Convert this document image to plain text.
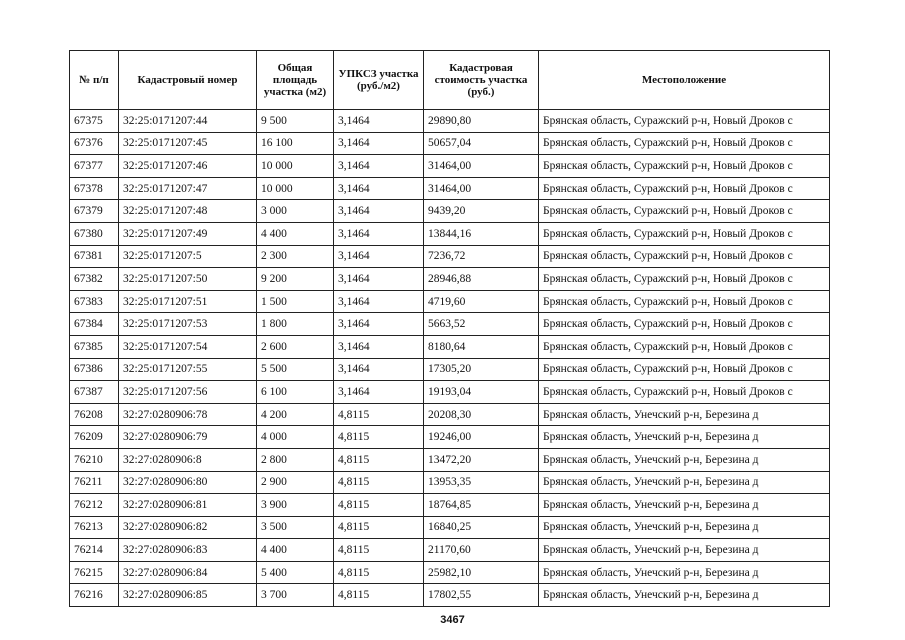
№ п/п	Кадастровый номер	Общая площадь участка (м2)	УПКСЗ участка (руб./м2)	Кадастровая стоимость участка (руб.)	Местоположение
67375	32:25:0171207:44	9 500	3,1464	29890,80	Брянская область, Суражский р-н, Новый Дроков с
67376	32:25:0171207:45	16 100	3,1464	50657,04	Брянская область, Суражский р-н, Новый Дроков с
67377	32:25:0171207:46	10 000	3,1464	31464,00	Брянская область, Суражский р-н, Новый Дроков с
67378	32:25:0171207:47	10 000	3,1464	31464,00	Брянская область, Суражский р-н, Новый Дроков с
67379	32:25:0171207:48	3 000	3,1464	9439,20	Брянская область, Суражский р-н, Новый Дроков с
67380	32:25:0171207:49	4 400	3,1464	13844,16	Брянская область, Суражский р-н, Новый Дроков с
67381	32:25:0171207:5	2 300	3,1464	7236,72	Брянская область, Суражский р-н, Новый Дроков с
67382	32:25:0171207:50	9 200	3,1464	28946,88	Брянская область, Суражский р-н, Новый Дроков с
67383	32:25:0171207:51	1 500	3,1464	4719,60	Брянская область, Суражский р-н, Новый Дроков с
67384	32:25:0171207:53	1 800	3,1464	5663,52	Брянская область, Суражский р-н, Новый Дроков с
67385	32:25:0171207:54	2 600	3,1464	8180,64	Брянская область, Суражский р-н, Новый Дроков с
67386	32:25:0171207:55	5 500	3,1464	17305,20	Брянская область, Суражский р-н, Новый Дроков с
67387	32:25:0171207:56	6 100	3,1464	19193,04	Брянская область, Суражский р-н, Новый Дроков с
76208	32:27:0280906:78	4 200	4,8115	20208,30	Брянская область, Унечский р-н, Березина д
76209	32:27:0280906:79	4 000	4,8115	19246,00	Брянская область, Унечский р-н, Березина д
76210	32:27:0280906:8	2 800	4,8115	13472,20	Брянская область, Унечский р-н, Березина д
76211	32:27:0280906:80	2 900	4,8115	13953,35	Брянская область, Унечский р-н, Березина д
76212	32:27:0280906:81	3 900	4,8115	18764,85	Брянская область, Унечский р-н, Березина д
76213	32:27:0280906:82	3 500	4,8115	16840,25	Брянская область, Унечский р-н, Березина д
76214	32:27:0280906:83	4 400	4,8115	21170,60	Брянская область, Унечский р-н, Березина д
76215	32:27:0280906:84	5 400	4,8115	25982,10	Брянская область, Унечский р-н, Березина д
76216	32:27:0280906:85	3 700	4,8115	17802,55	Брянская область, Унечский р-н, Березина д
3467
